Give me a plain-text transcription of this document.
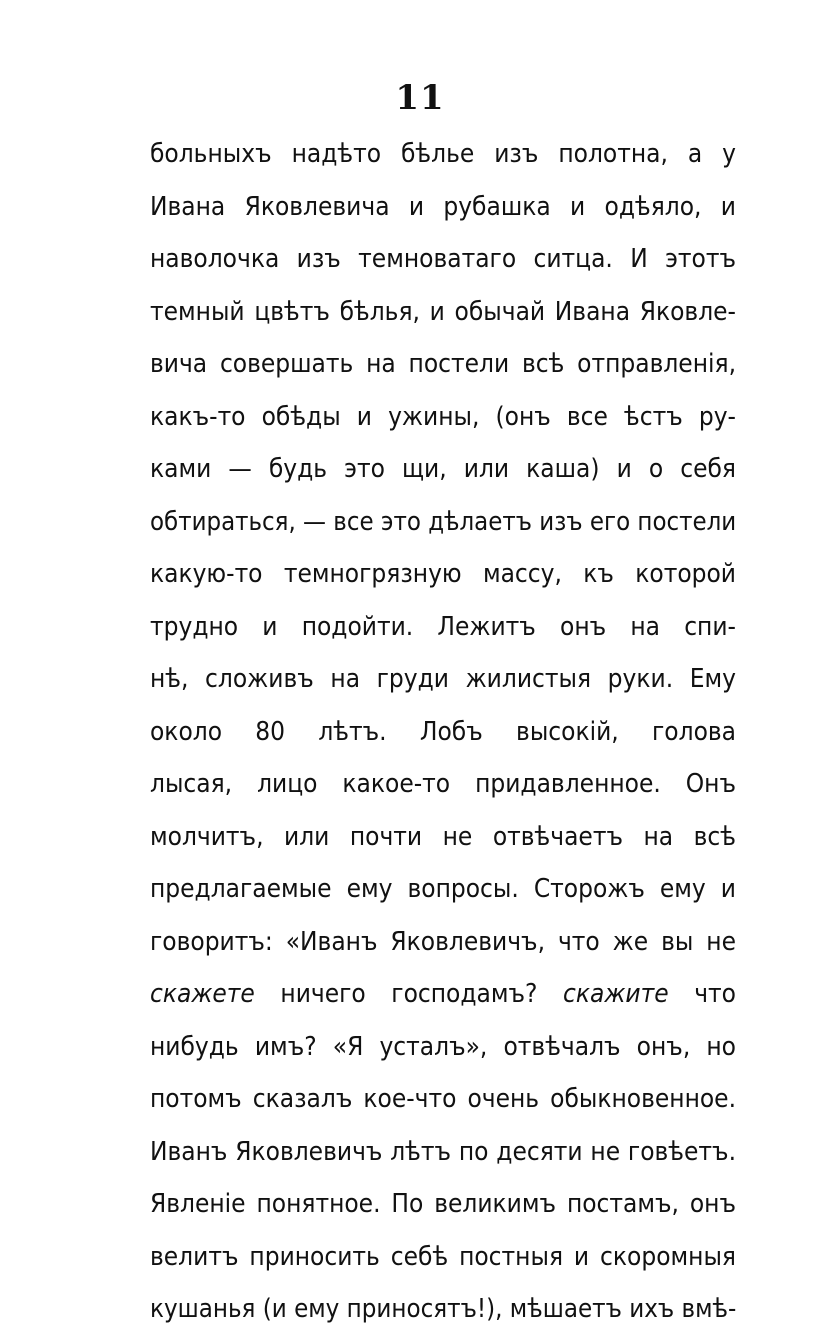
11
больныхъ надѣто бѣлье изъ полотна, а у
Ивана Яковлевича и рубашка и одѣяло, и
наволочка изъ темноватаго ситца. И этотъ
темный цвѣтъ бѣлья, и обычай Ивана Яковле-
вича совершать на постели всѣ отправленія,
какъ-то обѣды и ужины, (онъ все ѣстъ ру-
ками — будь это щи, или каша) и о себя
обтираться, — все это дѣлаетъ изъ его постели
какую-то темногрязную массу, къ которой
трудно и подойти. Лежитъ онъ на спи-
нѣ, сложивъ на груди жилистыя руки. Ему
около 80 лѣтъ. Лобъ высокій, голова
лысая, лицо какое-то придавленное. Онъ
молчитъ, или почти не отвѣчаетъ на всѣ
предлагаемые ему вопросы. Сторожъ ему и
говоритъ: «Иванъ Яковлевичъ, что же вы не
скажете ничего господамъ? скажите что
нибудь имъ? «Я усталъ», отвѣчалъ онъ, но
потомъ сказалъ кое-что очень обыкновенное.
Иванъ Яковлевичъ лѣтъ по десяти не говѣетъ.
Явленіе понятное. По великимъ постамъ, онъ
велитъ приносить себѣ постныя и скоромныя
кушанья (и ему приносятъ!), мѣшаетъ ихъ вмѣ-
